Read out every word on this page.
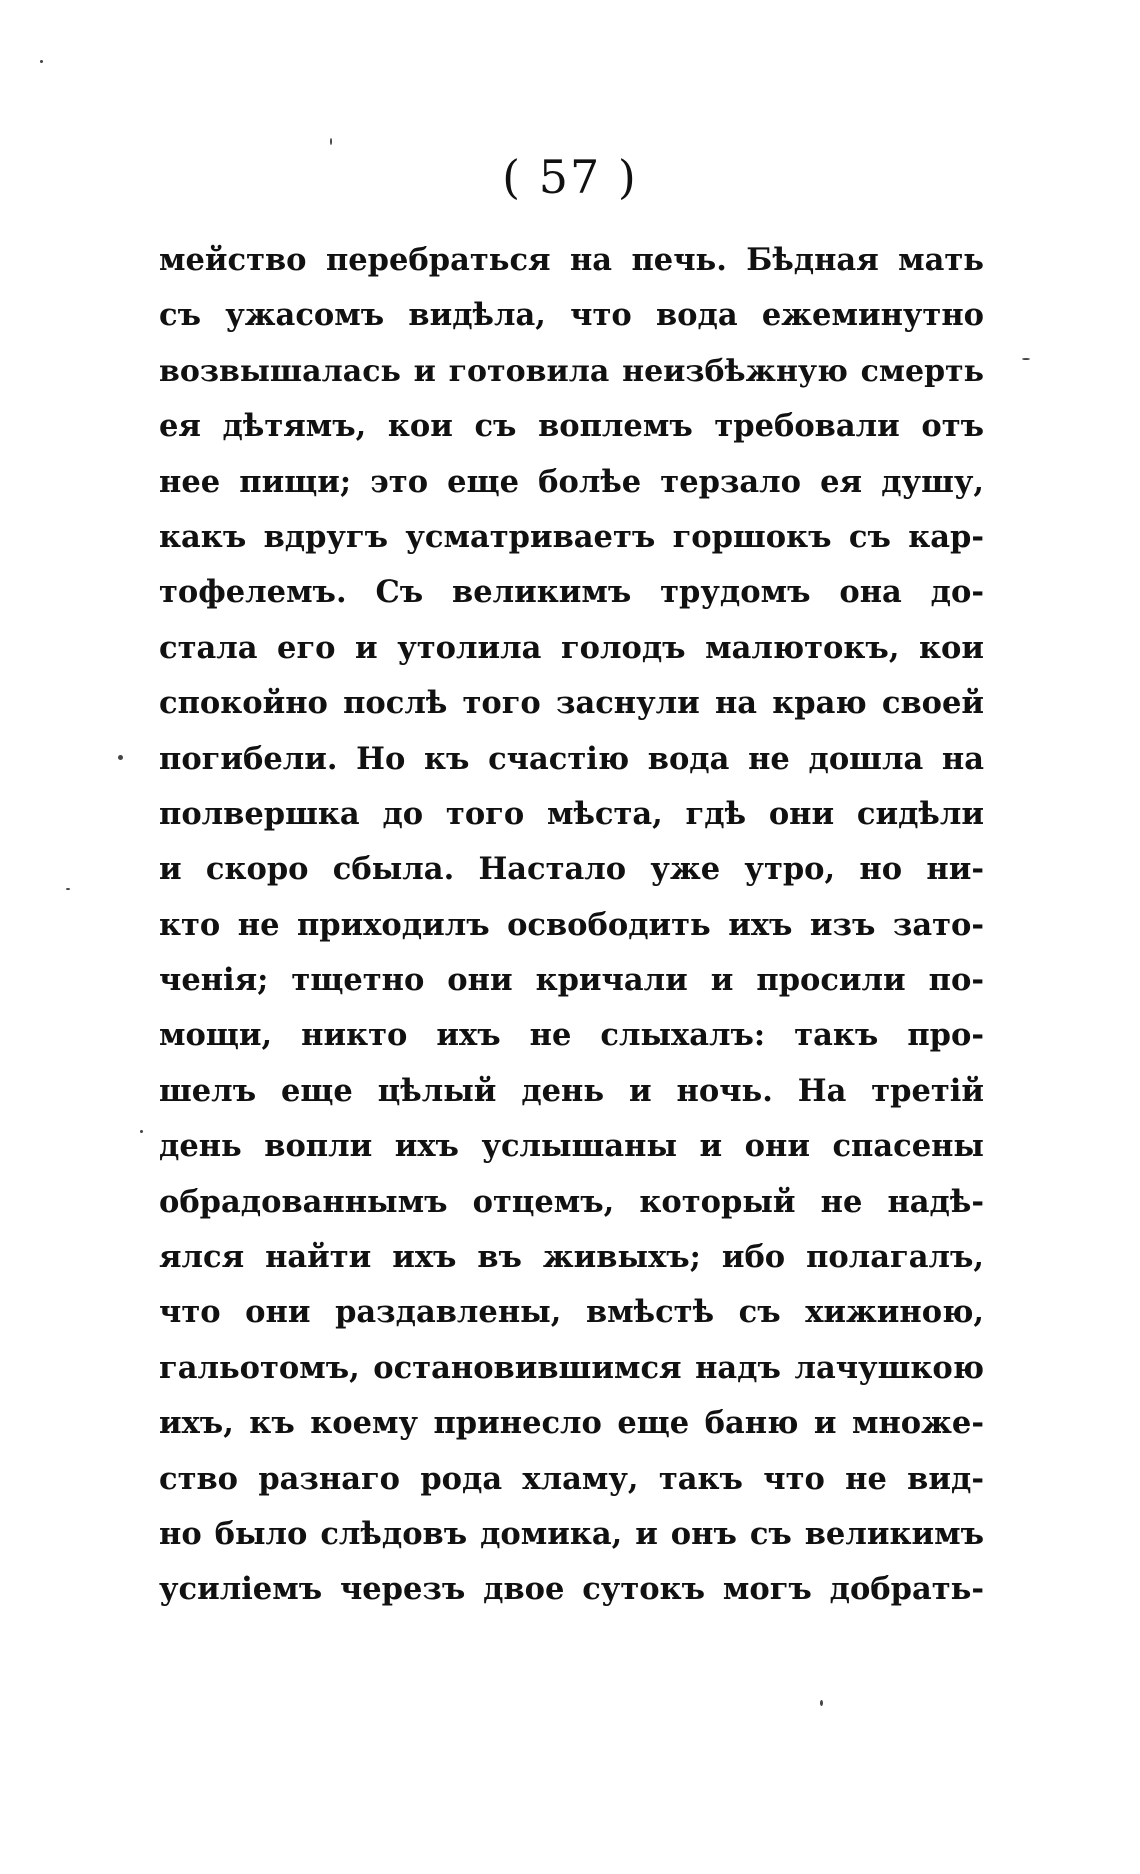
( 57 )
мейство перебраться на печь. Бѣдная мать
съ ужасомъ видѣла, что вода ежеминутно
возвышалась и готовила неизбѣжную смерть
ея дѣтямъ, кои съ воплемъ требовали отъ
нее пищи; это еще болѣе терзало ея душу,
какъ вдругъ усматриваетъ горшокъ съ кар-
тофелемъ. Съ великимъ трудомъ она до-
стала его и утолила голодъ малютокъ, кои
спокойно послѣ того заснули на краю своей
погибели. Но къ счастію вода не дошла на
полвершка до того мѣста, гдѣ они сидѣли
и скоро сбыла. Настало уже утро, но ни-
кто не приходилъ освободить ихъ изъ зато-
ченія; тщетно они кричали и просили по-
мощи, никто ихъ не слыхалъ: такъ про-
шелъ еще цѣлый день и ночь. На третій
день вопли ихъ услышаны и они спасены
обрадованнымъ отцемъ, который не надѣ-
ялся найти ихъ въ живыхъ; ибо полагалъ,
что они раздавлены, вмѣстѣ съ хижиною,
гальотомъ, остановившимся надъ лачушкою
ихъ, къ коему принесло еще баню и множе-
ство разнаго рода хламу, такъ что не вид-
но было слѣдовъ домика, и онъ съ великимъ
усиліемъ черезъ двое сутокъ могъ добрать-
